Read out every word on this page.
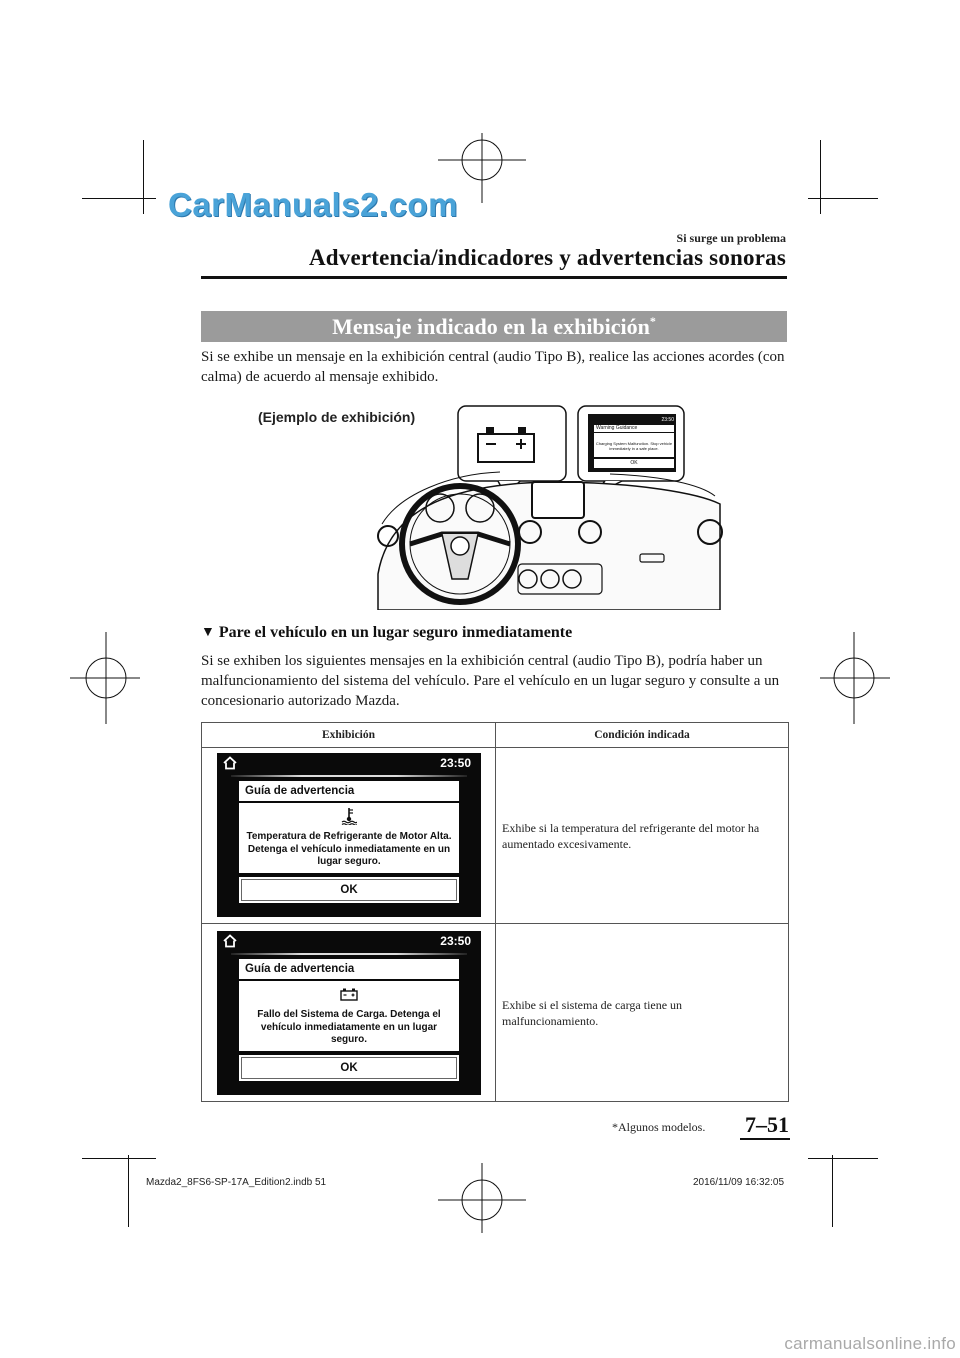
CarManuals2.com
Si surge un problema
Advertencia/indicadores y advertencias sonoras
Mensaje indicado en la exhibición*
Si se exhibe un mensaje en la exhibición central (audio Tipo B), realice las acciones acordes (con calma) de acuerdo al mensaje exhibido.
(Ejemplo de exhibición)	23:50
Warning Guidance
Charging System Malfunction. Stop vehicle immediately in a safe place.
OK
▼ Pare el vehículo en un lugar seguro inmediatamente
Si se exhiben los siguientes mensajes en la exhibición central (audio Tipo B), podría haber un malfuncionamiento del sistema del vehículo. Pare el vehículo en un lugar seguro y consulte a un concesionario autorizado Mazda.
Exhibición	Condición indicada
23:50
Guía de advertencia
Temperatura de Refrigerante de Motor Alta. Detenga el vehículo inmediatamente en un lugar seguro.
OK
Exhibe si la temperatura del refrigerante del motor ha aumentado excesivamente.
23:50
Guía de advertencia
Fallo del Sistema de Carga. Detenga el vehículo inmediatamente en un lugar seguro.
OK
Exhibe si el sistema de carga tiene un malfuncionamiento.
*Algunos modelos. 7–51
Mazda2_8FS6-SP-17A_Edition2.indb 51	2016/11/09 16:32:05
carmanualsonline.info
